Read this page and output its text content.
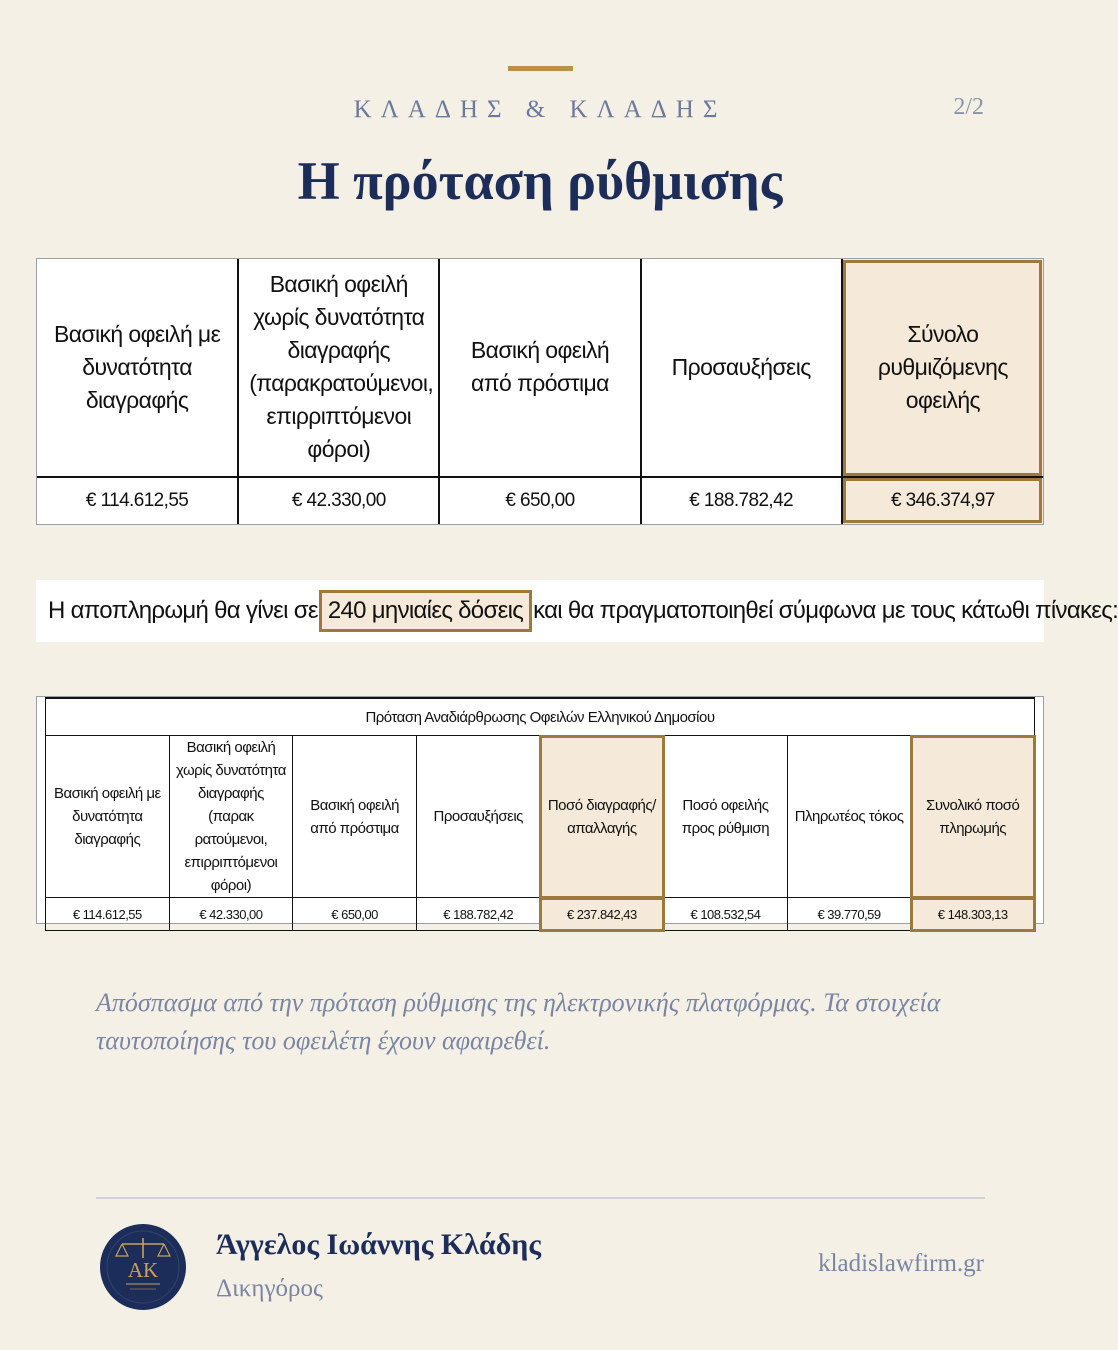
ΚΛΑΔΗΣ & ΚΛΑΔΗΣ	2/2
Η πρόταση ρύθμισης
Βασική οφειλή με δυνατότητα διαγραφής	Βασική οφειλή χωρίς δυνατότητα διαγραφής (παρακρατούμενοι, επιρριπτόμενοι φόροι)	Βασική οφειλή από πρόστιμα	Προσαυξήσεις	Σύνολο ρυθμιζόμενης οφειλής
€ 114.612,55	€ 42.330,00	€ 650,00	€ 188.782,42	€ 346.374,97
Η αποπληρωμή θα γίνει σε 240 μηνιαίες δόσεις και θα πραγματοποιηθεί σύμφωνα με τους κάτωθι πίνακες:
Πρόταση Αναδιάρθρωσης Οφειλών Ελληνικού Δημοσίου							
Βασική οφειλή με δυνατότητα διαγραφής	Βασική οφειλή χωρίς δυνατότητα διαγραφής (παρακ ρατούμενοι, επιρριπτόμενοι φόροι)	Βασική οφειλή από πρόστιμα	Προσαυξήσεις	Ποσό διαγραφής/ απαλλαγής	Ποσό οφειλής προς ρύθμιση	Πληρωτέος τόκος	Συνολικό ποσό πληρωμής
€ 114.612,55	€ 42.330,00	€ 650,00	€ 188.782,42	€ 237.842,43	€ 108.532,54	€ 39.770,59	€ 148.303,13

Απόσπασμα από την πρόταση ρύθμισης της ηλεκτρονικής πλατφόρμας. Τα στοιχεία ταυτοποίησης του οφειλέτη έχουν αφαιρεθεί.

ΑΚ
Άγγελος Ιωάννης Κλάδης
Δικηγόρος
kladislawfirm.gr
